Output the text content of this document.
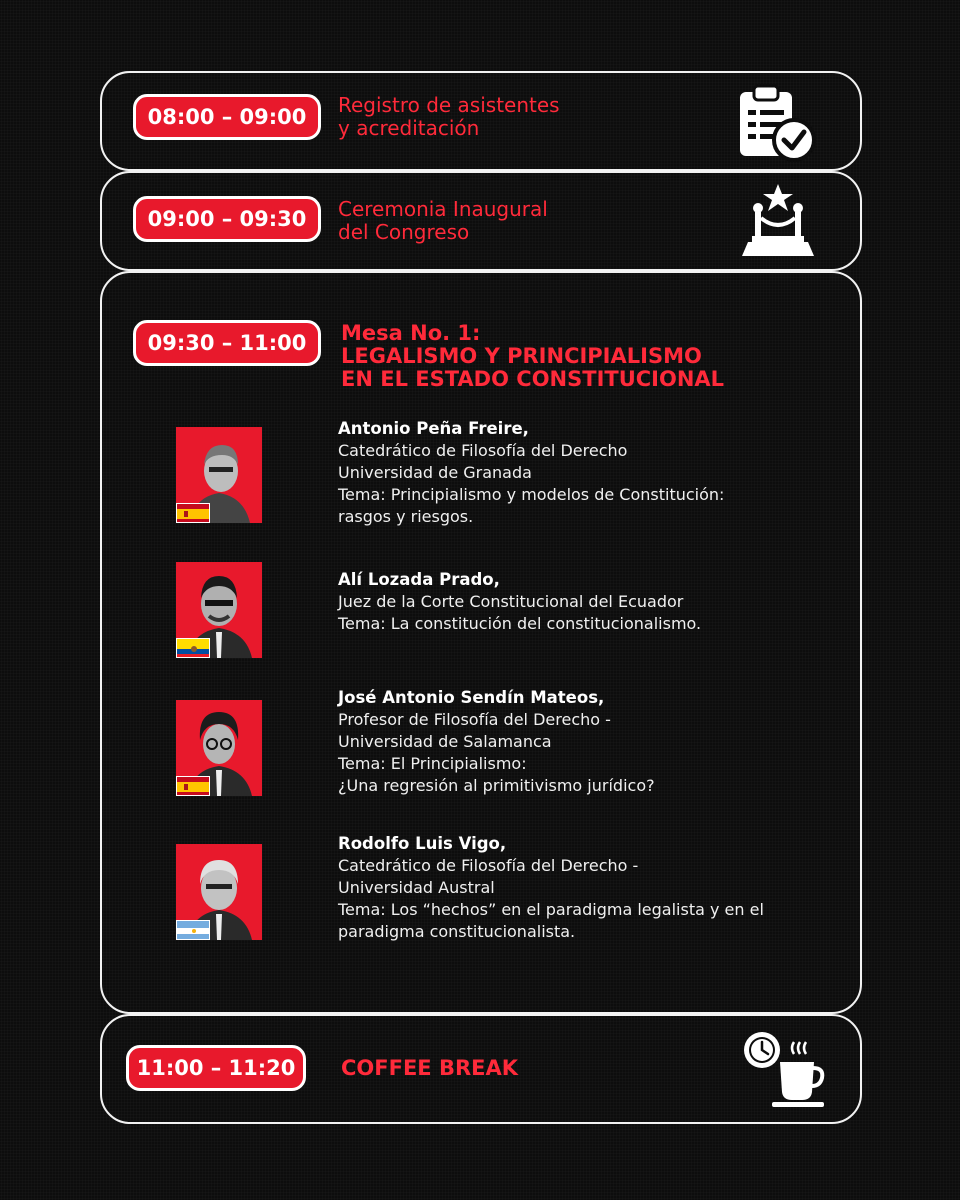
08:00 – 09:00	Registro de asistentes
y acreditación
09:00 – 09:30	Ceremonia Inaugural
del Congreso
09:30 – 11:00	Mesa No. 1:
LEGALISMO Y PRINCIPIALISMO
EN EL ESTADO CONSTITUCIONAL
Antonio Peña Freire,
Catedrático de Filosofía del Derecho
Universidad de Granada
Tema: Principialismo y modelos de Constitución:
rasgos y riesgos.
Alí Lozada Prado,
Juez de la Corte Constitucional del Ecuador
Tema: La constitución del constitucionalismo.
José Antonio Sendín Mateos,
Profesor de Filosofía del Derecho -
Universidad de Salamanca
Tema: El Principialismo:
¿Una regresión al primitivismo jurídico?
Rodolfo Luis Vigo,
Catedrático de Filosofía del Derecho -
Universidad Austral
Tema: Los “hechos” en el paradigma legalista y en el
paradigma constitucionalista.
11:00 – 11:20	COFFEE BREAK
